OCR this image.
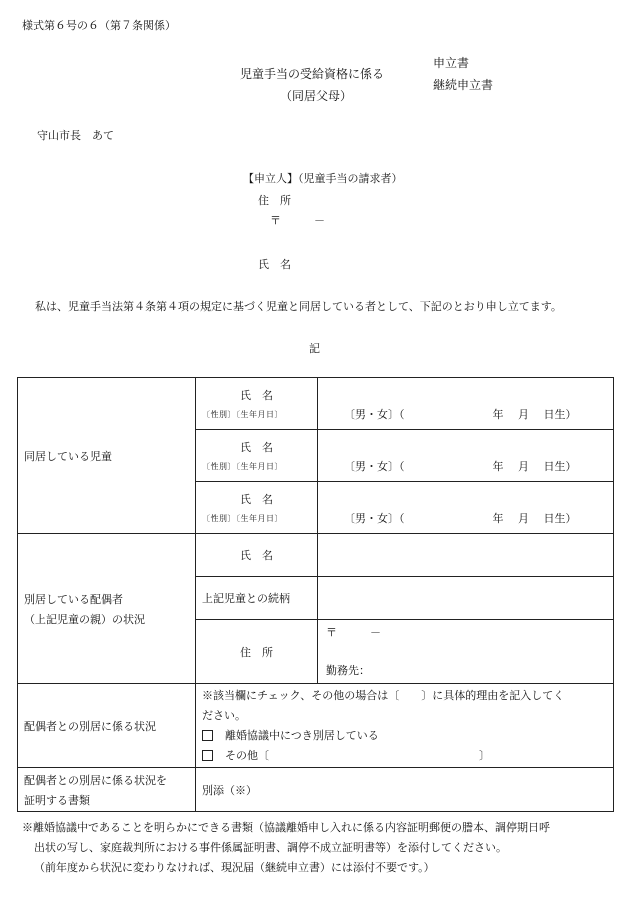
様式第６号の６（第７条関係）
児童手当の受給資格に係る
（同居父母）
申立書
継続申立書
守山市長　あて
【申立人】（児童手当の請求者）
住　所
〒　　　－
氏　名
私は、児童手当法第４条第４項の規定に基づく児童と同居している者として、下記のとおり申し立てます。
記
同居している児童	氏　名
〔性別〕〔生年月日〕	〔男・女〕（　　　　　　　　年　 月　 日生）

	氏　名
〔性別〕〔生年月日〕	〔男・女〕（　　　　　　　　年　 月　 日生）

	氏　名
〔性別〕〔生年月日〕	〔男・女〕（　　　　　　　　年　 月　 日生）

別居している配偶者
（上記児童の親）の状況	氏　名	
	上記児童との続柄	
	住　所	〒　　　－
勤務先：

配偶者との別居に係る状況	※該当欄にチェック、その他の場合は〔　　〕に具体的理由を記入してく
ださい。
離婚協議中につき別居している
その他〔 〕	

配偶者との別居に係る状況を
証明する書類	別添（※）	
※離婚協議中であることを明らかにできる書類（協議離婚申し入れに係る内容証明郵便の謄本、調停期日呼
出状の写し、家庭裁判所における事件係属証明書、調停不成立証明書等）を添付してください。
（前年度から状況に変わりなければ、現況届（継続申立書）には添付不要です。）
